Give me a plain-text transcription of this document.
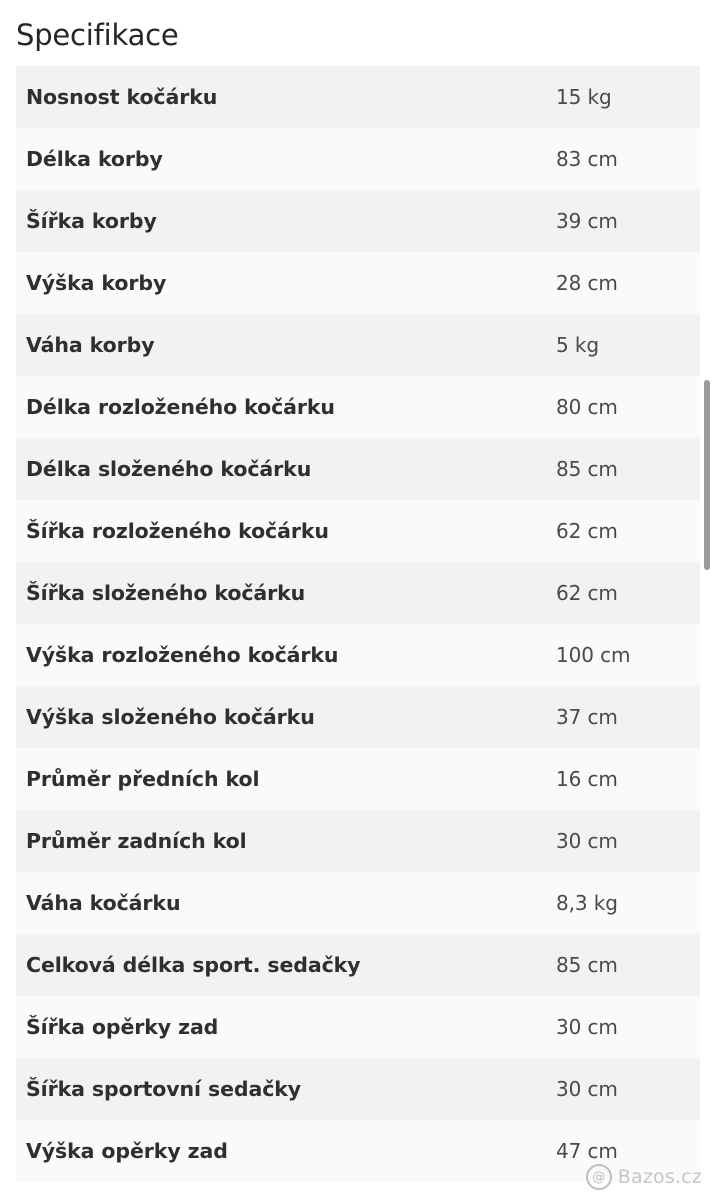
Specifikace
Nosnost kočárku	15 kg
Délka korby	83 cm
Šířka korby	39 cm
Výška korby	28 cm
Váha korby	5 kg
Délka rozloženého kočárku	80 cm
Délka složeného kočárku	85 cm
Šířka rozloženého kočárku	62 cm
Šířka složeného kočárku	62 cm
Výška rozloženého kočárku	100 cm
Výška složeného kočárku	37 cm
Průměr předních kol	16 cm
Průměr zadních kol	30 cm
Váha kočárku	8,3 kg
Celková délka sport. sedačky	85 cm
Šířka opěrky zad	30 cm
Šířka sportovní sedačky	30 cm
Výška opěrky zad	47 cm
@ Bazos.cz
